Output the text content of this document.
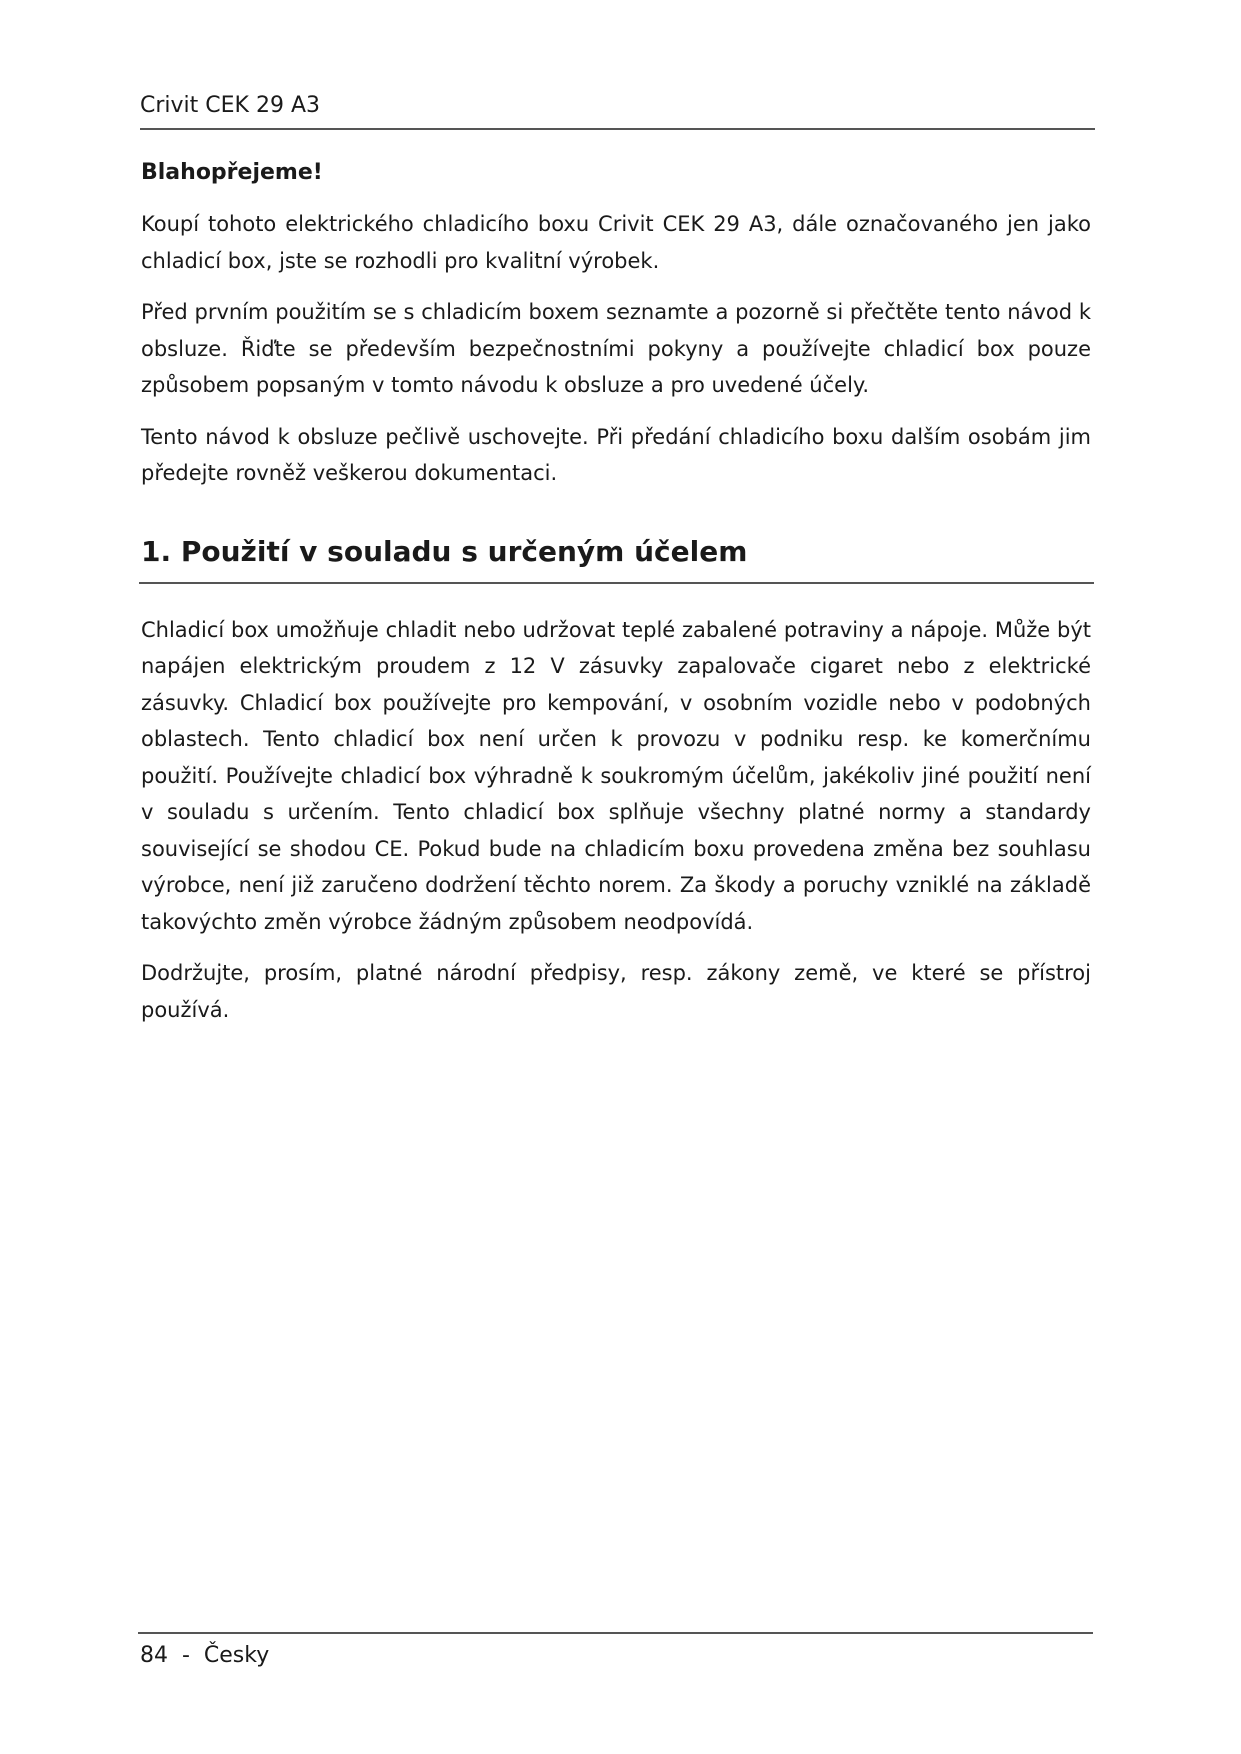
Crivit CEK 29 A3
Blahopřejeme!

Koupí tohoto elektrického chladicího boxu Crivit CEK 29 A3, dále označovaného jen jako chladicí box, jste se rozhodli pro kvalitní výrobek.

Před prvním použitím se s chladicím boxem seznamte a pozorně si přečtěte tento návod k obsluze. Řiďte se především bezpečnostními pokyny a používejte chladicí box pouze způsobem popsaným v tomto návodu k obsluze a pro uvedené účely.

Tento návod k obsluze pečlivě uschovejte. Při předání chladicího boxu dalším osobám jim předejte rovněž veškerou dokumentaci.

1. Použití v souladu s určeným účelem

Chladicí box umožňuje chladit nebo udržovat teplé zabalené potraviny a nápoje. Může být napájen elektrickým proudem z 12 V zásuvky zapalovače cigaret nebo z elektrické zásuvky. Chladicí box používejte pro kempování, v osobním vozidle nebo v podobných oblastech. Tento chladicí box není určen k provozu v podniku resp. ke komerčnímu použití. Používejte chladicí box výhradně k soukromým účelům, jakékoliv jiné použití není v souladu s určením. Tento chladicí box splňuje všechny platné normy a standardy související se shodou CE. Pokud bude na chladicím boxu provedena změna bez souhlasu výrobce, není již zaručeno dodržení těchto norem. Za škody a poruchy vzniklé na základě takovýchto změn výrobce žádným způsobem neodpovídá.

Dodržujte, prosím, platné národní předpisy, resp. zákony země, ve které se přístroj používá.

84  -  Česky
